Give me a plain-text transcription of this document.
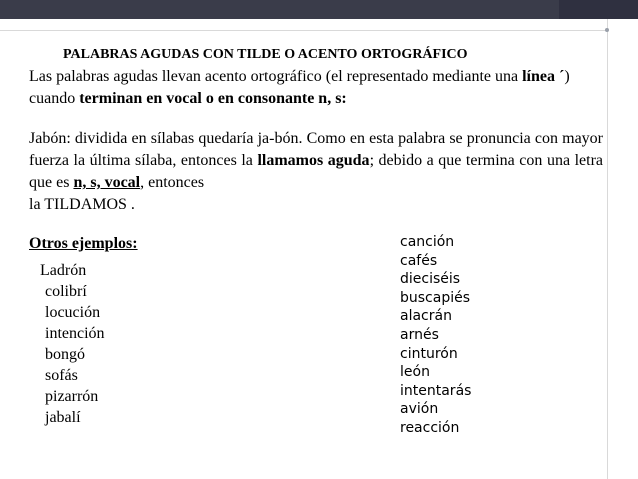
PALABRAS AGUDAS CON TILDE O ACENTO ORTOGRÁFICO
Las palabras agudas llevan acento ortográfico (el representado mediante una línea ´) cuando terminan en vocal o en consonante n, s:
Jabón: dividida en sílabas quedaría ja-bón. Como en esta palabra se pronuncia con mayor fuerza la última sílaba, entonces la llamamos aguda; debido a que termina con una letra que es n, s, vocal, entonces
la TILDAMOS .
Otros ejemplos:
Ladrón
colibrí
locución
intención
bongó
sofás
pizarrón
jabalí
canción
cafés
dieciséis
buscapiés
alacrán
arnés
cinturón
león
intentarás
avión
reacción
